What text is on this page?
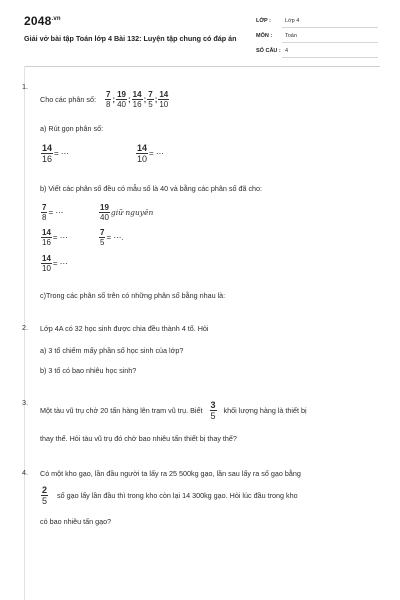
$2048^{.vn}$
Giải vở bài tập Toán lớp 4 Bài 132: Luyện tập chung có đáp án
LỚP :	Lớp 4
MÔN : Toán
SỐ CÂU : 4
1.
Cho các phân số: $\frac{7}{8}$ ; $\frac{19}{40}$ ; $\frac{14}{16}$ ; $\frac{7}{5}$ ; $\frac{14}{10}$
a) Rút gọn phân số:
$\frac{14}{16}$ = ⋯	$\frac{14}{10}$ = ⋯
b) Viết các phân số đều có mẫu số là 40 và bằng các phân số đã cho:
$\frac{7}{8}$ = ⋯	$\frac{19}{40}$ giữ nguyên
$\frac{14}{16}$ = ⋯	$\frac{7}{5}$ = ⋯.
$\frac{14}{10}$ = ⋯
c)Trong các phân số trên có những phân số bằng nhau là:
2. Lớp 4A có 32 học sinh được chia đều thành 4 tổ. Hỏi
a) 3 tổ chiếm mấy phần số học sinh của lớp?
b) 3 tổ có bao nhiêu học sinh?
3.
Một tàu vũ trụ chở 20 tấn hàng lên trạm vũ trụ. Biết $\frac{3}{5}$ khối lượng hàng là thiết bị
thay thế. Hỏi tàu vũ trụ đó chở bao nhiêu tấn thiết bị thay thế?
4. Có một kho gạo, lần đầu người ta lấy ra 25 500kg gạo, lần sau lấy ra số gạo bằng
$\frac{2}{5}$ số gạo lấy lần đầu thì trong kho còn lại 14 300kg gạo. Hỏi lúc đầu trong kho
có bao nhiêu tấn gạo?
